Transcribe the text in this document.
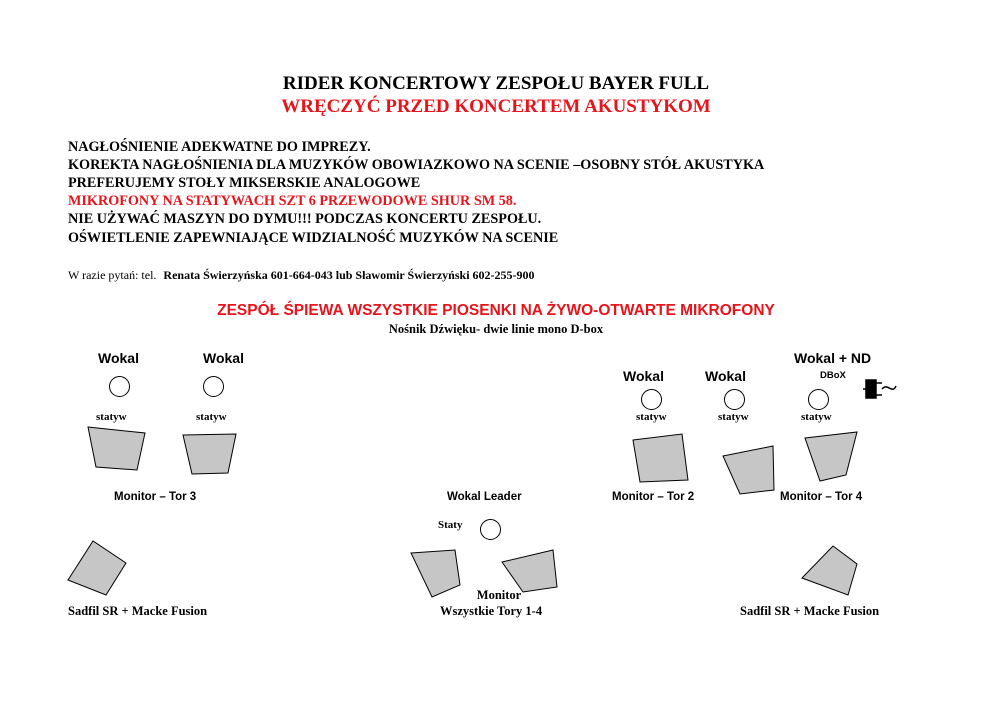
RIDER KONCERTOWY ZESPOŁU BAYER FULL
WRĘCZYĆ PRZED KONCERTEM AKUSTYKOM
NAGŁOŚNIENIE ADEKWATNE DO IMPREZY.
KOREKTA NAGŁOŚNIENIA DLA MUZYKÓW OBOWIAZKOWO NA SCENIE –OSOBNY STÓŁ AKUSTYKA
PREFERUJEMY STOŁY MIKSERSKIE ANALOGOWE
MIKROFONY NA STATYWACH SZT 6 PRZEWODOWE SHUR SM 58.
NIE UŻYWAĆ MASZYN DO DYMU!!! PODCZAS KONCERTU ZESPOŁU.
OŚWIETLENIE ZAPEWNIAJĄCE WIDZIALNOŚĆ MUZYKÓW NA SCENIE
W razie pytań: tel. Renata Świerzyńska 601-664-043 lub Sławomir Świerzyński 602-255-900
ZESPÓŁ ŚPIEWA WSZYSTKIE PIOSENKI NA ŻYWO-OTWARTE MIKROFONY
Nośnik Dźwięku- dwie linie mono D-box
Wokal	Wokal
statyw	statyw
Wokal + ND
Wokal	Wokal	DBoX
statyw	statyw	statyw
Monitor – Tor 3	Wokal Leader	Monitor – Tor 2	Monitor – Tor 4
Staty
Monitor
Wszystkie Tory 1-4
Sadfil SR + Macke Fusion	Sadfil SR + Macke Fusion
